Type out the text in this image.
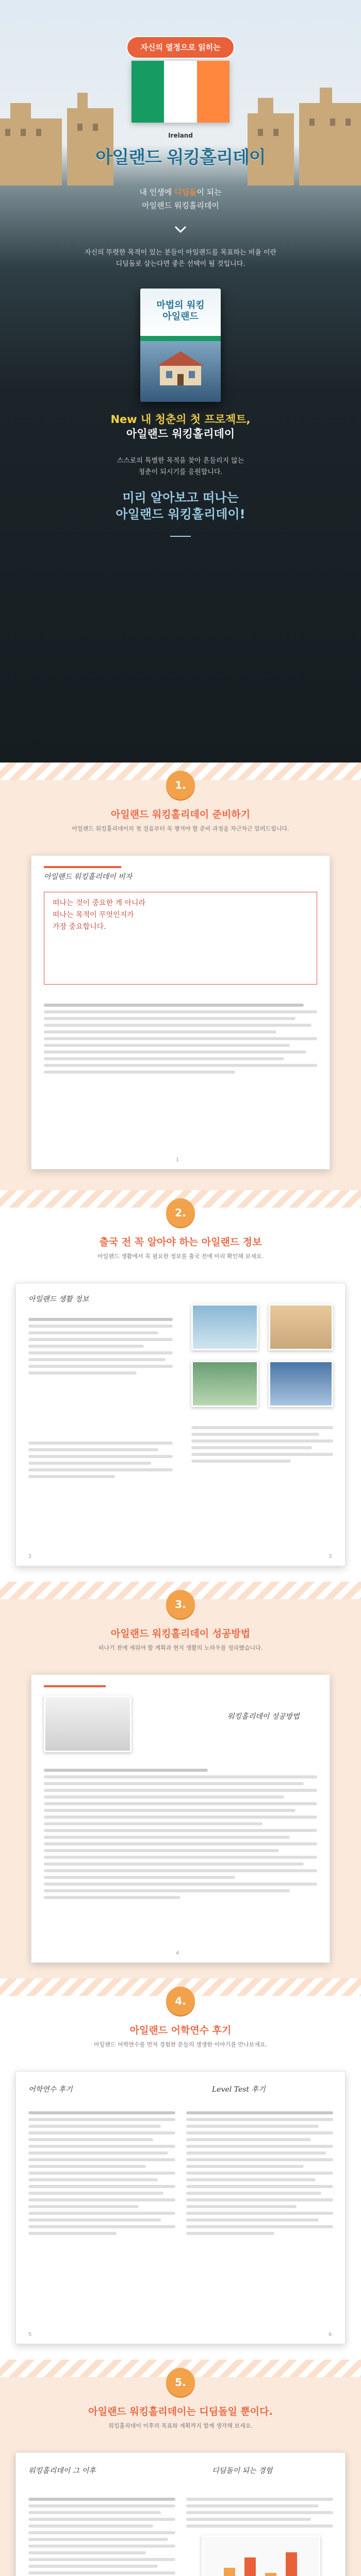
자신의 열정으로 읽히는
Ireland
아일랜드 워킹홀리데이
내 인생에 디딤돌이 되는
아일랜드 워킹홀리데이
자신의 뚜렷한 목적이 있는 분들이 아일랜드를 목표하는 비율 이란
디딤돌로 삼는다면 좋은 선택이 될 것입니다.
마법의 워킹
아일랜드
New 내 청춘의 첫 프로젝트,
아일랜드 워킹홀리데이
스스로의 특별한 목적을 찾아 흔들리지 않는
청춘이 되시기를 응원합니다.
미리 알아보고 떠나는
아일랜드 워킹홀리데이!
1.
아일랜드 워킹홀리데이 준비하기
아일랜드 워킹홀리데이의 첫 걸음부터 꼭 챙겨야 할 준비 과정을 차근차근 알려드립니다.
아일랜드 워킹홀리데이 비자
떠나는 것이 중요한 게 아니라
떠나는 목적이 무엇인지가
가장 중요합니다.
1
2.
출국 전 꼭 알아야 하는 아일랜드 정보
아일랜드 생활에서 꼭 필요한 정보를 출국 전에 미리 확인해 보세요.
아일랜드 생활 정보
2	3
3.
아일랜드 워킹홀리데이 성공방법
떠나기 전에 세워야 할 계획과 현지 생활의 노하우를 정리했습니다.
워킹홀리데이 성공방법
4
4.
아일랜드 어학연수 후기
아일랜드 어학연수를 먼저 경험한 분들의 생생한 이야기를 만나보세요.
어학연수 후기	Level Test 후기
5	6
5.
아일랜드 워킹홀리데이는 디딤돌일 뿐이다.
워킹홀리데이 이후의 목표와 계획까지 함께 생각해 보세요.
워킹홀리데이 그 이후	디딤돌이 되는 경험
